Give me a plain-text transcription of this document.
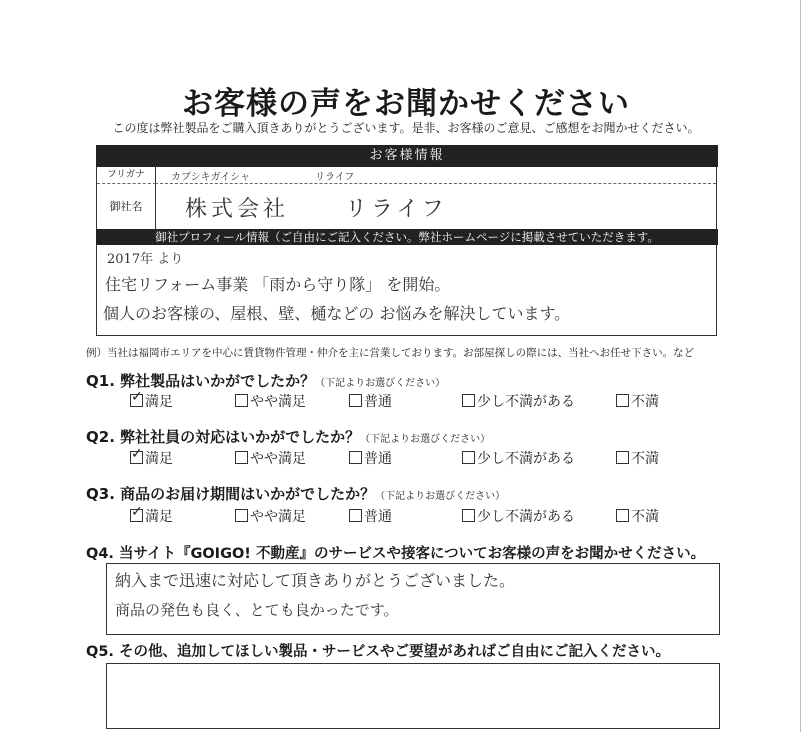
お客様の声をお聞かせください
この度は弊社製品をご購入頂きありがとうございます。是非、お客様のご意見、ご感想をお聞かせください。
お客様情報
フリガナ	カブシキガイシャ	リライフ
御社名	株式会社	リライフ
御社プロフィール情報（ご自由にご記入ください。弊社ホームページに掲載させていただきます。
2017年 より
住宅リフォーム事業 「雨から守り隊」 を開始。
個人のお客様の、屋根、壁、樋などの お悩みを解決しています。
例）当社は福岡市エリアを中心に賃貸物件管理・仲介を主に営業しております。お部屋探しの際には、当社へお任せ下さい。など
Q1. 弊社製品はいかがでしたか？（下記よりお選びください）
✓満足	やや満足	普通	少し不満がある	不満
Q2. 弊社社員の対応はいかがでしたか？（下記よりお選びください）
✓満足	やや満足	普通	少し不満がある	不満
Q3. 商品のお届け期間はいかがでしたか？（下記よりお選びください）
✓満足	やや満足	普通	少し不満がある	不満
Q4. 当サイト『GOIGO! 不動産』のサービスや接客についてお客様の声をお聞かせください。
納入まで迅速に対応して頂きありがとうございました。
商品の発色も良く、とても良かったです。
Q5. その他、追加してほしい製品・サービスやご要望があればご自由にご記入ください。
